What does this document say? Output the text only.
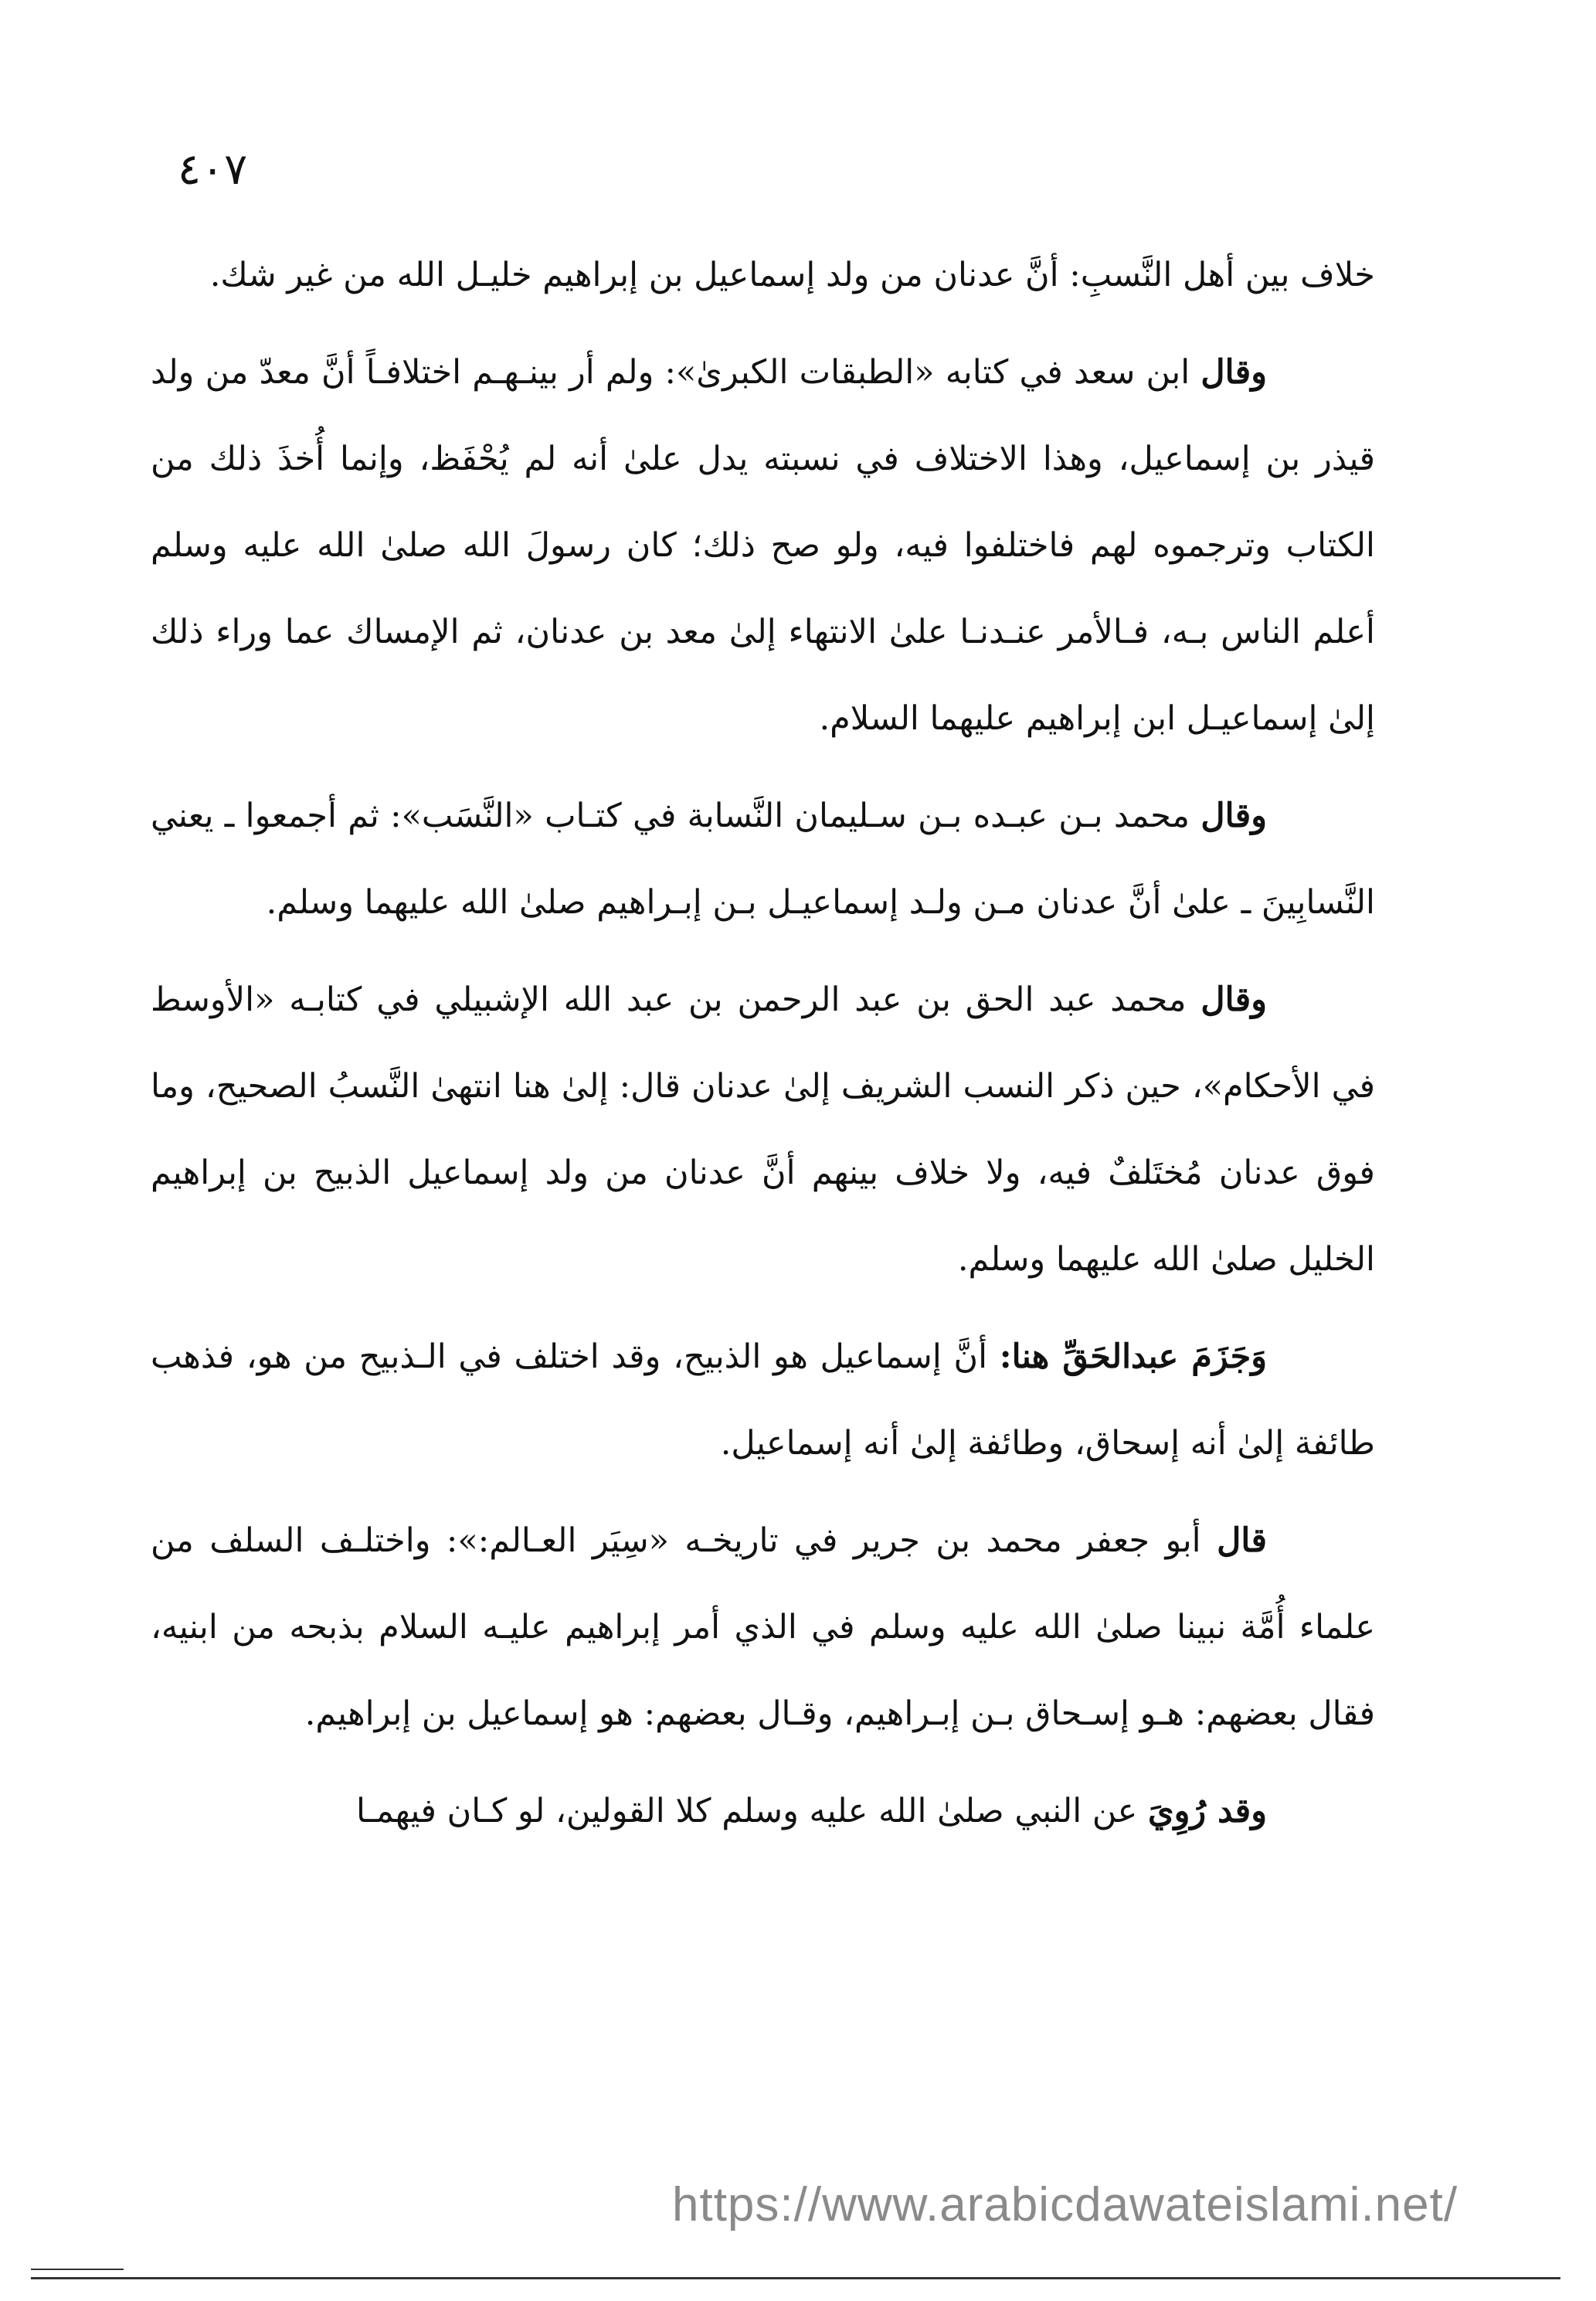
٤٠٧

خلاف بين أهل النَّسبِ: أنَّ عدنان من ولد إسماعيل بن إبراهيم خليـل الله من غير شك.

وقال ابن سعد في كتابه «الطبقات الكبرىٰ»: ولم أر بينـهـم اختلافـاً أنَّ معدّ من ولد قيذر بن إسماعيل، وهذا الاختلاف في نسبته يدل علىٰ أنه لم يُحْفَظ، وإنما أُخذَ ذلك من الكتاب وترجموه لهم فاختلفوا فيه، ولو صح ذلك؛ كان رسولَ الله صلىٰ الله عليه وسلم أعلم الناس بـه، فـالأمر عنـدنـا علىٰ الانتهاء إلىٰ معد بن عدنان، ثم الإمساك عما وراء ذلك إلىٰ إسماعيـل ابن إبراهيم عليهما السلام.

وقال محمد بـن عبـده بـن سـليمان النَّسابة في كتـاب «النَّسَب»: ثم أجمعوا ـ يعني النَّسابِينَ ـ علىٰ أنَّ عدنان مـن ولـد إسماعيـل بـن إبـراهيم صلىٰ الله عليهما وسلم.

وقال محمد عبد الحق بن عبد الرحمن بن عبد الله الإشبيلي في كتابـه «الأوسط في الأحكام»، حين ذكر النسب الشريف إلىٰ عدنان قال: إلىٰ هنا انتهىٰ النَّسبُ الصحيح، وما فوق عدنان مُختَلفٌ فيه، ولا خلاف بينهم أنَّ عدنان من ولد إسماعيل الذبيح بن إبراهيم الخليل صلىٰ الله عليهما وسلم.

وَجَزَمَ عبدالحَقِّ هنا: أنَّ إسماعيل هو الذبيح، وقد اختلف في الـذبيح من هو، فذهب طائفة إلىٰ أنه إسحاق، وطائفة إلىٰ أنه إسماعيل.

قال أبو جعفر محمد بن جرير في تاريخـه «سِيَر العـالم:»: واختلـف السلف من علماء أُمَّة نبينا صلىٰ الله عليه وسلم في الذي أمر إبراهيم عليـه السلام بذبحه من ابنيه، فقال بعضهم: هـو إسـحاق بـن إبـراهيم، وقـال بعضهم: هو إسماعيل بن إبراهيم.

وقد رُوِيَ عن النبي صلىٰ الله عليه وسلم كلا القولين، لو كـان فيهمـا

https://www.arabicdawateislami.net/
